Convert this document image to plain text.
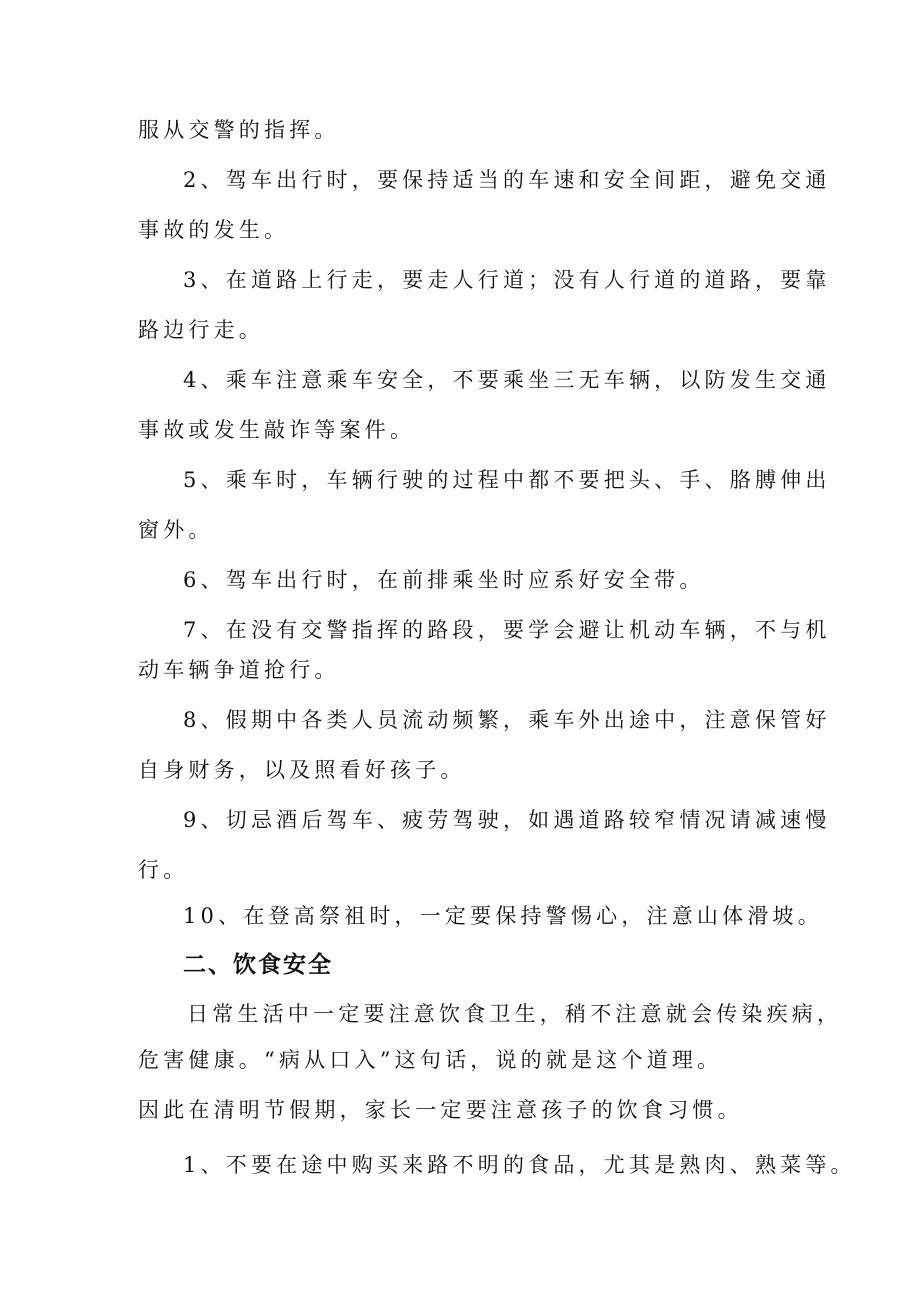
服从交警的指挥。
2、驾车出行时，要保持适当的车速和安全间距，避免交通
事故的发生。
3、在道路上行走，要走人行道；没有人行道的道路，要靠
路边行走。
4、乘车注意乘车安全，不要乘坐三无车辆，以防发生交通
事故或发生敲诈等案件。
5、乘车时，车辆行驶的过程中都不要把头、手、胳膊伸出
窗外。
6、驾车出行时，在前排乘坐时应系好安全带。
7、在没有交警指挥的路段，要学会避让机动车辆，不与机
动车辆争道抢行。
8、假期中各类人员流动频繁，乘车外出途中，注意保管好
自身财务，以及照看好孩子。
9、切忌酒后驾车、疲劳驾驶，如遇道路较窄情况请减速慢
行。
10、在登高祭祖时，一定要保持警惕心，注意山体滑坡。
二、饮食安全
日常生活中一定要注意饮食卫生，稍不注意就会传染疾病，
危害健康。“病从口入”这句话，说的就是这个道理。
因此在清明节假期，家长一定要注意孩子的饮食习惯。
1、不要在途中购买来路不明的食品，尤其是熟肉、熟菜等。
